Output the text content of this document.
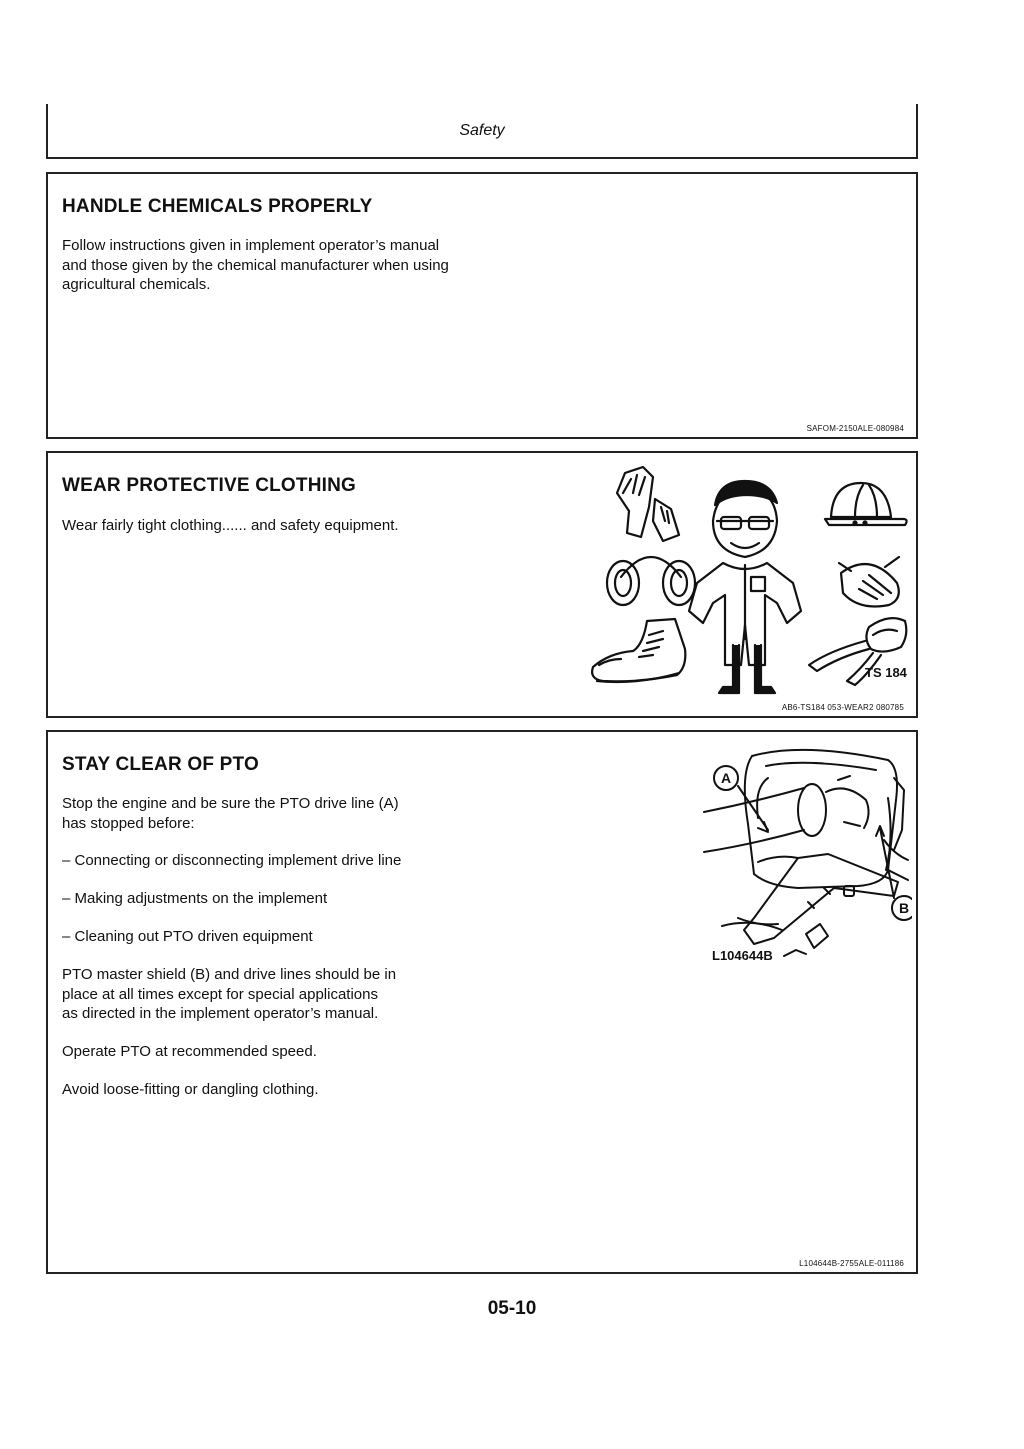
Safety
HANDLE CHEMICALS PROPERLY
Follow instructions given in implement operator’s manual
and those given by the chemical manufacturer when using
agricultural chemicals.
SAFOM-2150ALE-080984
WEAR PROTECTIVE CLOTHING
Wear fairly tight clothing...... and safety equipment.
TS 184
AB6-TS184 053-WEAR2 080785
STAY CLEAR OF PTO
Stop the engine and be sure the PTO drive line (A)
has stopped before:
– Connecting or disconnecting implement drive line
– Making adjustments on the implement
– Cleaning out PTO driven equipment
PTO master shield (B) and drive lines should be in
place at all times except for special applications
as directed in the implement operator’s manual.
Operate PTO at recommended speed.
Avoid loose-fitting or dangling clothing.
A
B
L104644B
L104644B-2755ALE-011186
05-10
